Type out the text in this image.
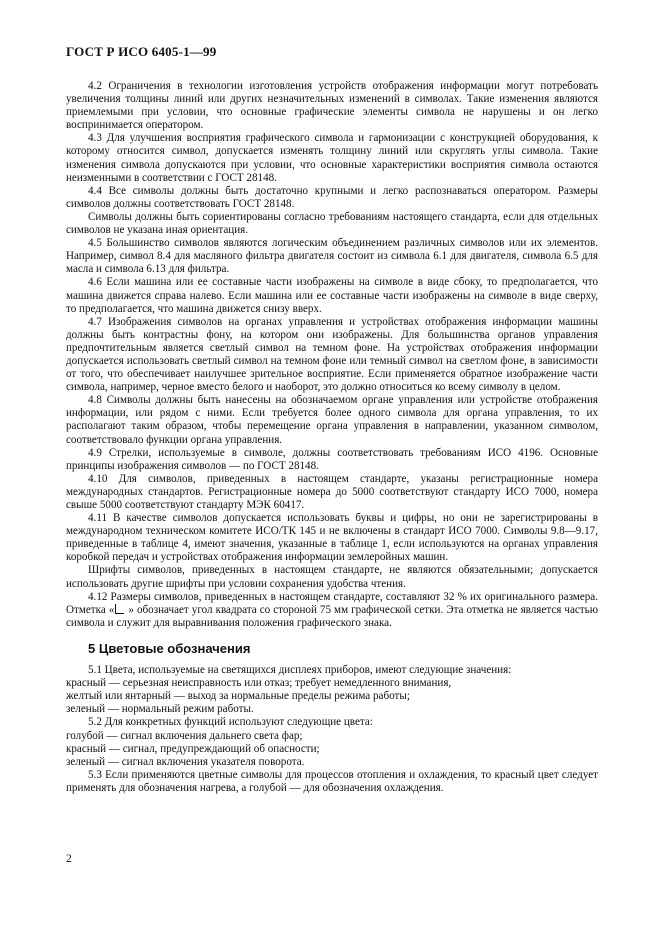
ГОСТ Р ИСО 6405-1—99

4.2 Ограничения в технологии изготовления устройств отображения информации могут потребовать увеличения толщины линий или других незначительных изменений в символах. Такие изменения являются приемлемыми при условии, что основные графические элементы символа не нарушены и он легко воспринимается оператором.

4.3 Для улучшения восприятия графического символа и гармонизации с конструкцией оборудования, к которому относится символ, допускается изменять толщину линий или скруглять углы символа. Такие изменения символа допускаются при условии, что основные характеристики восприятия символа остаются неизменными в соответствии с ГОСТ 28148.

4.4 Все символы должны быть достаточно крупными и легко распознаваться оператором. Размеры символов должны соответствовать ГОСТ 28148.

Символы должны быть сориентированы согласно требованиям настоящего стандарта, если для отдельных символов не указана иная ориентация.

4.5 Большинство символов являются логическим объединением различных символов или их элементов. Например, символ 8.4 для масляного фильтра двигателя состоит из символа 6.1 для двигателя, символа 6.5 для масла и символа 6.13 для фильтра.

4.6 Если машина или ее составные части изображены на символе в виде сбоку, то предполагается, что машина движется справа налево. Если машина или ее составные части изображены на символе в виде сверху, то предполагается, что машина движется снизу вверх.

4.7 Изображения символов на органах управления и устройствах отображения информации машины должны быть контрастны фону, на котором они изображены. Для большинства органов управления предпочтительным является светлый символ на темном фоне. На устройствах отображения информации допускается использовать светлый символ на темном фоне или темный символ на светлом фоне, в зависимости от того, что обеспечивает наилучшее зрительное восприятие. Если применяется обратное изображение части символа, например, черное вместо белого и наоборот, это должно относиться ко всему символу в целом.

4.8 Символы должны быть нанесены на обозначаемом органе управления или устройстве отображения информации, или рядом с ними. Если требуется более одного символа для органа управления, то их располагают таким образом, чтобы перемещение органа управления в направлении, указанном символом, соответствовало функции органа управления.

4.9 Стрелки, используемые в символе, должны соответствовать требованиям ИСО 4196. Основные принципы изображения символов — по ГОСТ 28148.

4.10 Для символов, приведенных в настоящем стандарте, указаны регистрационные номера международных стандартов. Регистрационные номера до 5000 соответствуют стандарту ИСО 7000, номера свыше 5000 соответствуют стандарту МЭК 60417.

4.11 В качестве символов допускается использовать буквы и цифры, но они не зарегистрированы в международном техническом комитете ИСО/ТК 145 и не включены в стандарт ИСО 7000. Символы 9.8—9.17, приведенные в таблице 4, имеют значения, указанные в таблице 1, если используются на органах управления коробкой передач и устройствах отображения информации землеройных машин.

Шрифты символов, приведенных в настоящем стандарте, не являются обязательными; допускается использовать другие шрифты при условии сохранения удобства чтения.

4.12 Размеры символов, приведенных в настоящем стандарте, составляют 32 % их оригинального размера. Отметка « » обозначает угол квадрата со стороной 75 мм графической сетки. Эта отметка не является частью символа и служит для выравнивания положения графического знака.

5 Цветовые обозначения

5.1 Цвета, используемые на светящихся дисплеях приборов, имеют следующие значения:

красный — серьезная неисправность или отказ; требует немедленного внимания,

желтый или янтарный — выход за нормальные пределы режима работы;

зеленый — нормальный режим работы.

5.2 Для конкретных функций используют следующие цвета:

голубой — сигнал включения дальнего света фар;

красный — сигнал, предупреждающий об опасности;

зеленый — сигнал включения указателя поворота.

5.3 Если применяются цветные символы для процессов отопления и охлаждения, то красный цвет следует применять для обозначения нагрева, а голубой — для обозначения охлаждения.

2
